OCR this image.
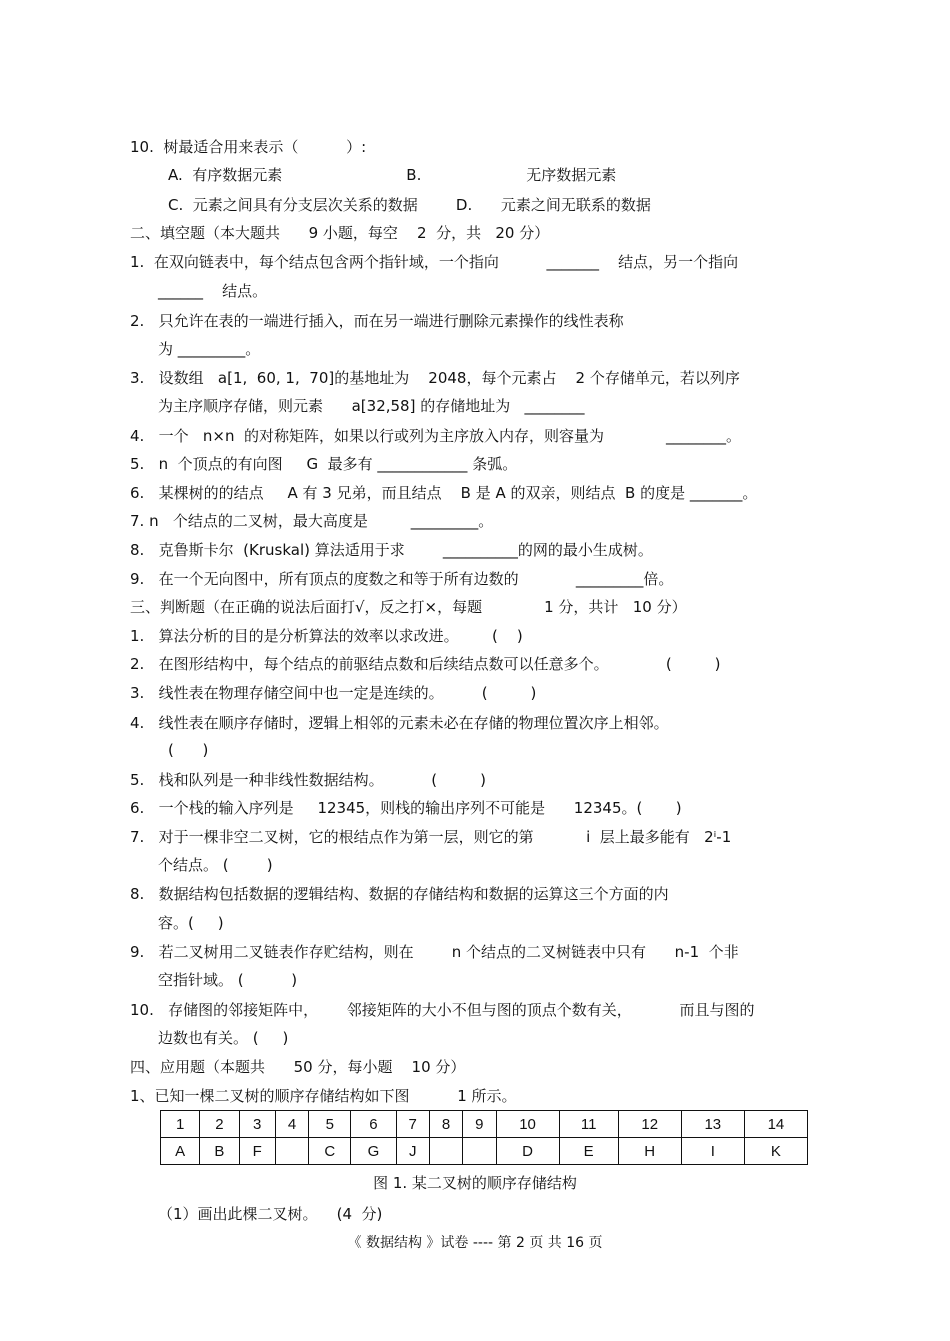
10.  树最适合用来表示（          ）:
A.  有序数据元素                          B.                      无序数据元素
C.  元素之间具有分支层次关系的数据        D.      元素之间无联系的数据
二、填空题（本大题共      9 小题，每空    2  分，共   20 分）
1.  在双向链表中，每个结点包含两个指针域，一个指向          _______    结点，另一个指向
______    结点。
2.   只允许在表的一端进行插入，而在另一端进行删除元素操作的线性表称
为 _________。
3.   设数组   a[1,  60, 1,  70]的基地址为    2048，每个元素占    2 个存储单元，若以列序
为主序顺序存储，则元素      a[32,58] 的存储地址为   ________
4.   一个   n×n  的对称矩阵，如果以行或列为主序放入内存，则容量为             ________。
5.   n  个顶点的有向图     G  最多有 ____________ 条弧。
6.   某棵树的的结点     A 有 3 兄弟，而且结点    B 是 A 的双亲，则结点  B 的度是 _______。
7. n   个结点的二叉树，最大高度是         _________。
8.   克鲁斯卡尔  (Kruskal) 算法适用于求        __________的网的最小生成树。
9.   在一个无向图中，所有顶点的度数之和等于所有边数的            _________倍。
三、判断题（在正确的说法后面打√，反之打×，每题             1 分，共计   10 分）
1.   算法分析的目的是分析算法的效率以求改进。       (    )
2.   在图形结构中，每个结点的前驱结点数和后续结点数可以任意多个。            (         )
3.   线性表在物理存储空间中也一定是连续的。        (         )
4.   线性表在顺序存储时，逻辑上相邻的元素未必在存储的物理位置次序上相邻。
(      )
5.   栈和队列是一种非线性数据结构。          (         )
6.   一个栈的输入序列是     12345，则栈的输出序列不可能是      12345。(       )
7.   对于一棵非空二叉树，它的根结点作为第一层，则它的第           i  层上最多能有   2ⁱ-1
个结点。 (        )
8.   数据结构包括数据的逻辑结构、数据的存储结构和数据的运算这三个方面的内
容。(     )
9.   若二叉树用二叉链表作存贮结构，则在        n 个结点的二叉树链表中只有      n-1  个非
空指针域。 (          )
10.   存储图的邻接矩阵中，      邻接矩阵的大小不但与图的顶点个数有关，          而且与图的
边数也有关。 (     )
四、应用题（本题共      50 分，每小题    10 分）
1、已知一棵二叉树的顺序存储结构如下图          1 所示。
（1）画出此棵二叉树。    (4  分)
1	2	3	4	5	6	7	8	9	10	11	12	13	14
A	B	F		C	G	J			D	E	H	I	K
图 1. 某二叉树的顺序存储结构
《 数据结构 》试卷 ---- 第 2 页 共 16 页
